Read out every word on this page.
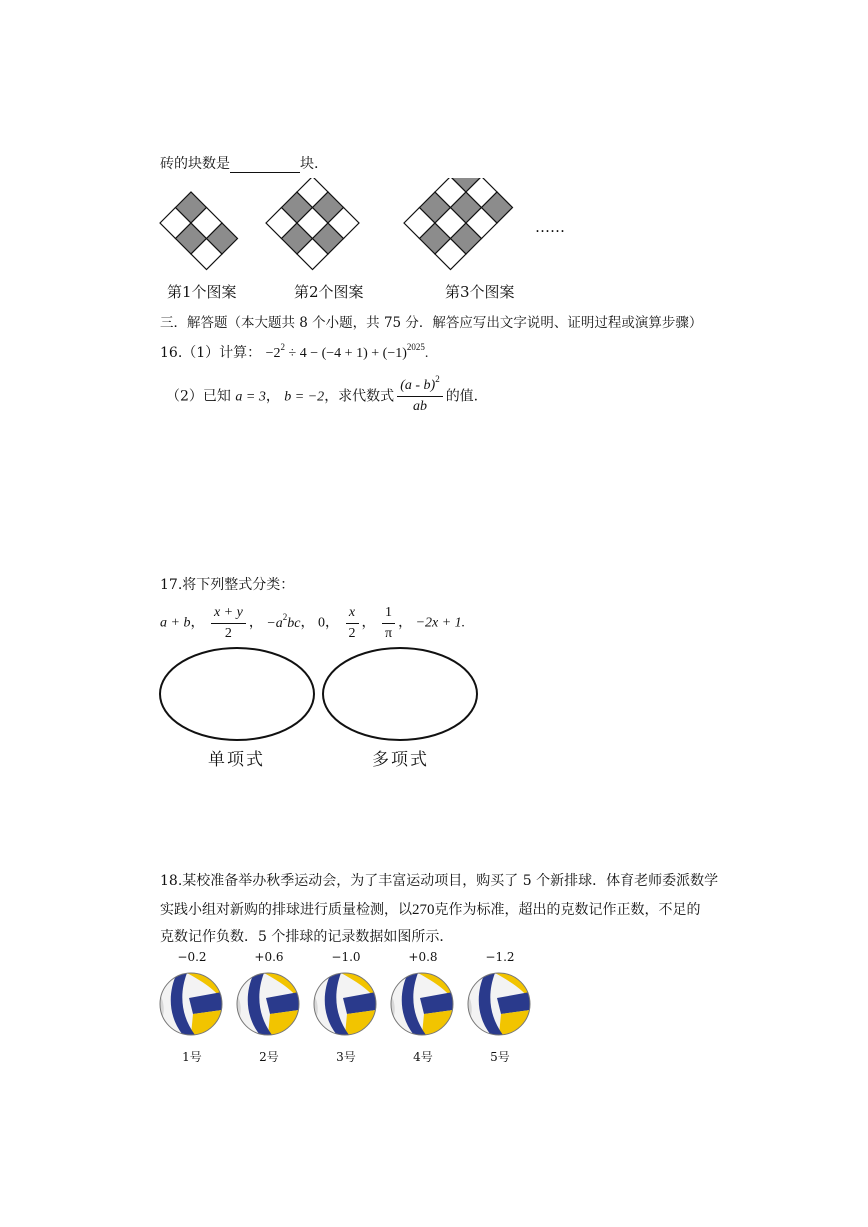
砖的块数是	块.
……
第1个图案	第2个图案	第3个图案
三．解答题（本大题共 8 个小题，共 75 分．解答应写出文字说明、证明过程或演算步骤）
16.（1）计算： $-2^2 \div 4 - (-4 + 1) + (-1)^{2025}$.
（2）已知 a = 3， b = −2，求代数式 $\frac{(a - b)^2}{ab}$ 的值.
17.将下列整式分类：
a + b， $\frac{x + y}{2}$ ， $-a^2bc$， 0， $\frac{x}{2}$ ， $\frac{1}{\pi}$ ， −2x + 1.
单项式	多项式
18.某校准备举办秋季运动会，为了丰富运动项目，购买了 5 个新排球．体育老师委派数学
实践小组对新购的排球进行质量检测，以270克作为标准，超出的克数记作正数，不足的
克数记作负数．5 个排球的记录数据如图所示．
−0.2	+0.6	−1.0	+0.8	−1.2
1号	2号	3号	4号	5号
